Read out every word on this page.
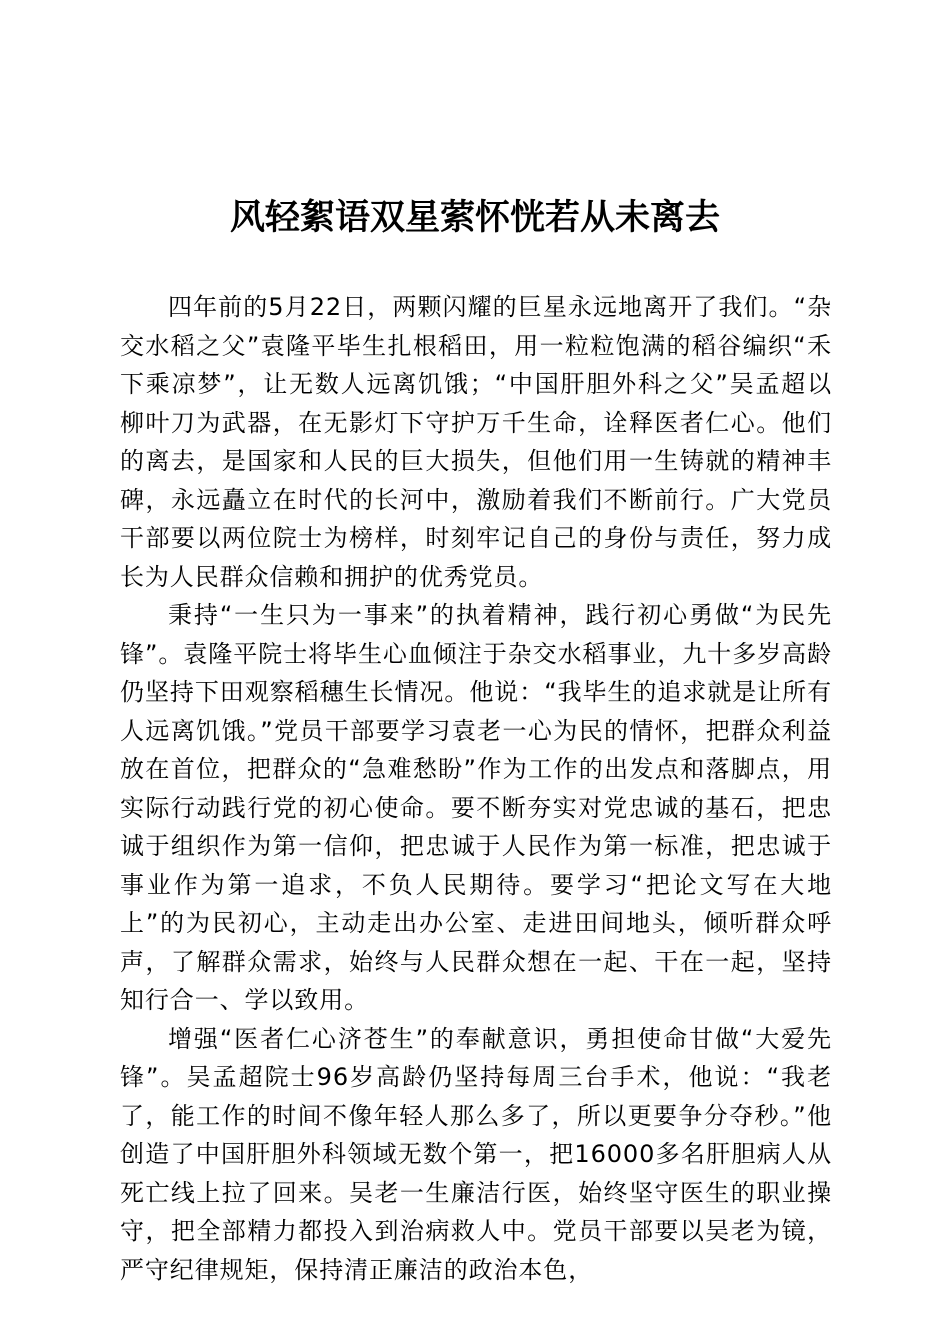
风轻絮语双星萦怀恍若从未离去

四年前的5月22日，两颗闪耀的巨星永远地离开了我们。“杂交水稻之父”袁隆平毕生扎根稻田，用一粒粒饱满的稻谷编织“禾下乘凉梦”，让无数人远离饥饿；“中国肝胆外科之父”吴孟超以柳叶刀为武器，在无影灯下守护万千生命，诠释医者仁心。他们的离去，是国家和人民的巨大损失，但他们用一生铸就的精神丰碑，永远矗立在时代的长河中，激励着我们不断前行。广大党员干部要以两位院士为榜样，时刻牢记自己的身份与责任，努力成长为人民群众信赖和拥护的优秀党员。

秉持“一生只为一事来”的执着精神，践行初心勇做“为民先锋”。袁隆平院士将毕生心血倾注于杂交水稻事业，九十多岁高龄仍坚持下田观察稻穗生长情况。他说：“我毕生的追求就是让所有人远离饥饿。”党员干部要学习袁老一心为民的情怀，把群众利益放在首位，把群众的“急难愁盼”作为工作的出发点和落脚点，用实际行动践行党的初心使命。要不断夯实对党忠诚的基石，把忠诚于组织作为第一信仰，把忠诚于人民作为第一标准，把忠诚于事业作为第一追求，不负人民期待。要学习“把论文写在大地上”的为民初心，主动走出办公室、走进田间地头，倾听群众呼声，了解群众需求，始终与人民群众想在一起、干在一起，坚持知行合一、学以致用。

增强“医者仁心济苍生”的奉献意识，勇担使命甘做“大爱先锋”。吴孟超院士96岁高龄仍坚持每周三台手术，他说：“我老了，能工作的时间不像年轻人那么多了，所以更要争分夺秒。”他创造了中国肝胆外科领域无数个第一，把16000多名肝胆病人从死亡线上拉了回来。吴老一生廉洁行医，始终坚守医生的职业操守，把全部精力都投入到治病救人中。党员干部要以吴老为镜，严守纪律规矩，保持清正廉洁的政治本色，
